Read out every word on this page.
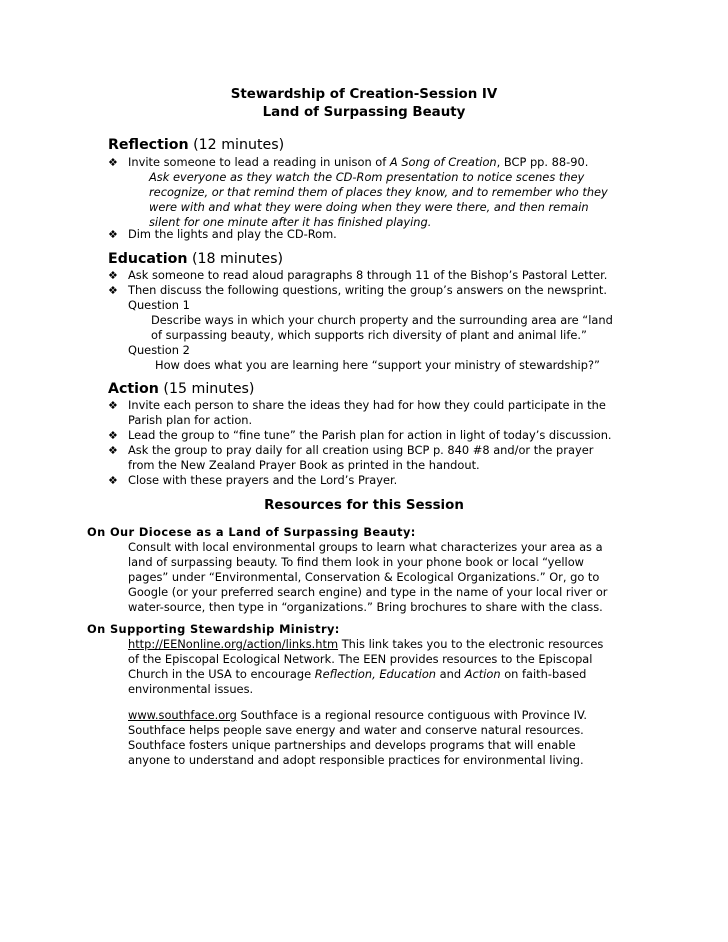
Stewardship of Creation-Session IV
Land of Surpassing Beauty
Reflection (12 minutes)
❖ Invite someone to lead a reading in unison of A Song of Creation, BCP pp. 88-90.
Ask everyone as they watch the CD-Rom presentation to notice scenes they
recognize, or that remind them of places they know, and to remember who they
were with and what they were doing when they were there, and then remain
silent for one minute after it has finished playing.
❖ Dim the lights and play the CD-Rom.
Education (18 minutes)
❖ Ask someone to read aloud paragraphs 8 through 11 of the Bishop’s Pastoral Letter.
❖ Then discuss the following questions, writing the group’s answers on the newsprint.
Question 1
Describe ways in which your church property and the surrounding area are “land
of surpassing beauty, which supports rich diversity of plant and animal life.”
Question 2
How does what you are learning here “support your ministry of stewardship?”
Action (15 minutes)
❖ Invite each person to share the ideas they had for how they could participate in the
Parish plan for action.
❖ Lead the group to “fine tune” the Parish plan for action in light of today’s discussion.
❖ Ask the group to pray daily for all creation using BCP p. 840 #8 and/or the prayer
from the New Zealand Prayer Book as printed in the handout.
❖ Close with these prayers and the Lord’s Prayer.
Resources for this Session
On Our Diocese as a Land of Surpassing Beauty:
Consult with local environmental groups to learn what characterizes your area as a
land of surpassing beauty. To find them look in your phone book or local “yellow
pages” under “Environmental, Conservation & Ecological Organizations.” Or, go to
Google (or your preferred search engine) and type in the name of your local river or
water-source, then type in “organizations.” Bring brochures to share with the class.
On Supporting Stewardship Ministry:
http://EENonline.org/action/links.htm This link takes you to the electronic resources
of the Episcopal Ecological Network. The EEN provides resources to the Episcopal
Church in the USA to encourage Reflection, Education and Action on faith-based
environmental issues.
www.southface.org Southface is a regional resource contiguous with Province IV.
Southface helps people save energy and water and conserve natural resources.
Southface fosters unique partnerships and develops programs that will enable
anyone to understand and adopt responsible practices for environmental living.
